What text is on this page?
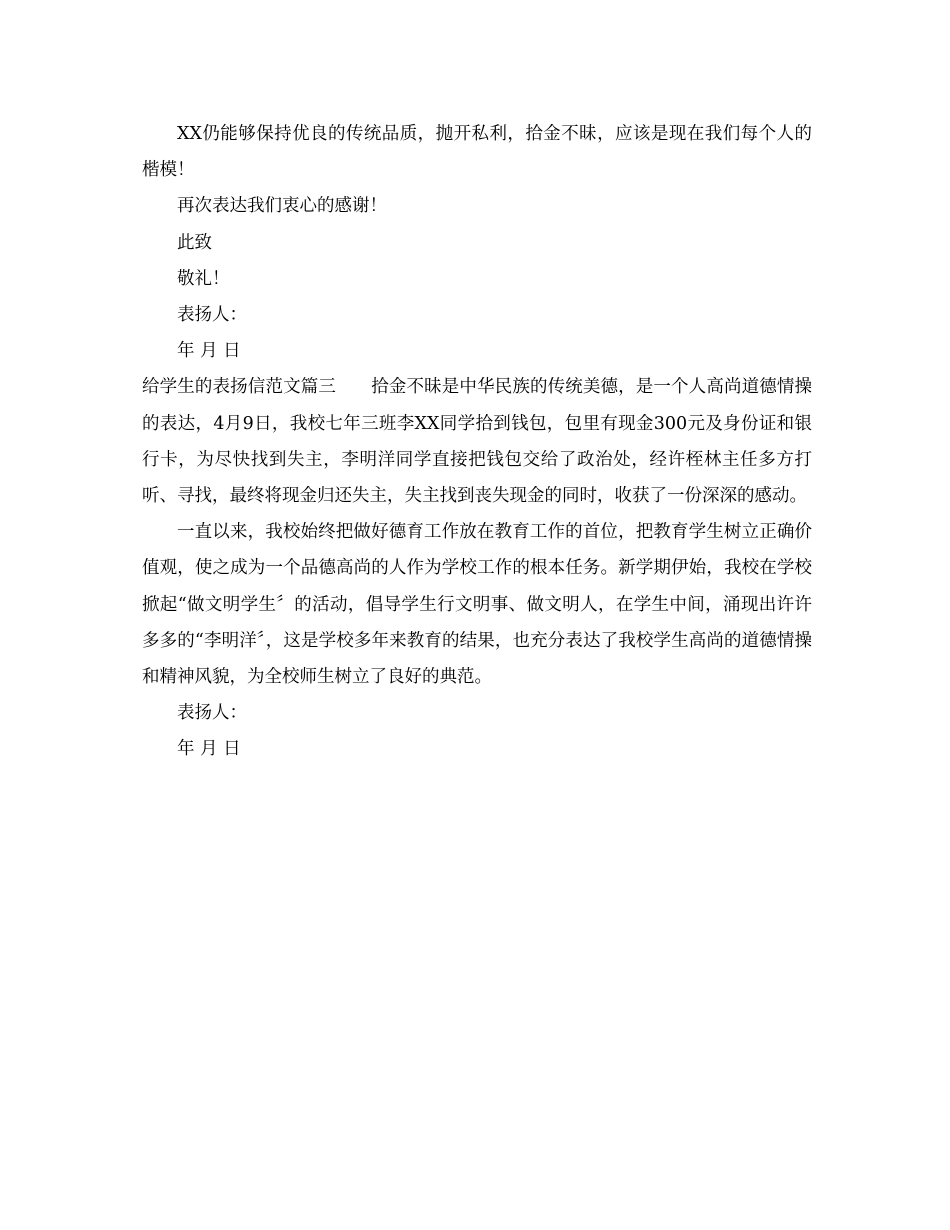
XX仍能够保持优良的传统品质，抛开私利，拾金不昧，应该是现在我们每个人的楷模！

再次表达我们衷心的感谢！

此致

敬礼！

表扬人：

年 月 日

给学生的表扬信范文篇三　　拾金不昧是中华民族的传统美德，是一个人高尚道德情操的表达，4月9日，我校七年三班李XX同学拾到钱包，包里有现金300元及身份证和银行卡，为尽快找到失主，李明洋同学直接把钱包交给了政治处，经许桎林主任多方打听、寻找，最终将现金归还失主，失主找到丧失现金的同时，收获了一份深深的感动。

一直以来，我校始终把做好德育工作放在教育工作的首位，把教育学生树立正确价值观，使之成为一个品德高尚的人作为学校工作的根本任务。新学期伊始，我校在学校掀起“做文明学生〞的活动，倡导学生行文明事、做文明人，在学生中间，涌现出许许多多的“李明洋〞，这是学校多年来教育的结果，也充分表达了我校学生高尚的道德情操和精神风貌，为全校师生树立了良好的典范。

表扬人：

年 月 日
